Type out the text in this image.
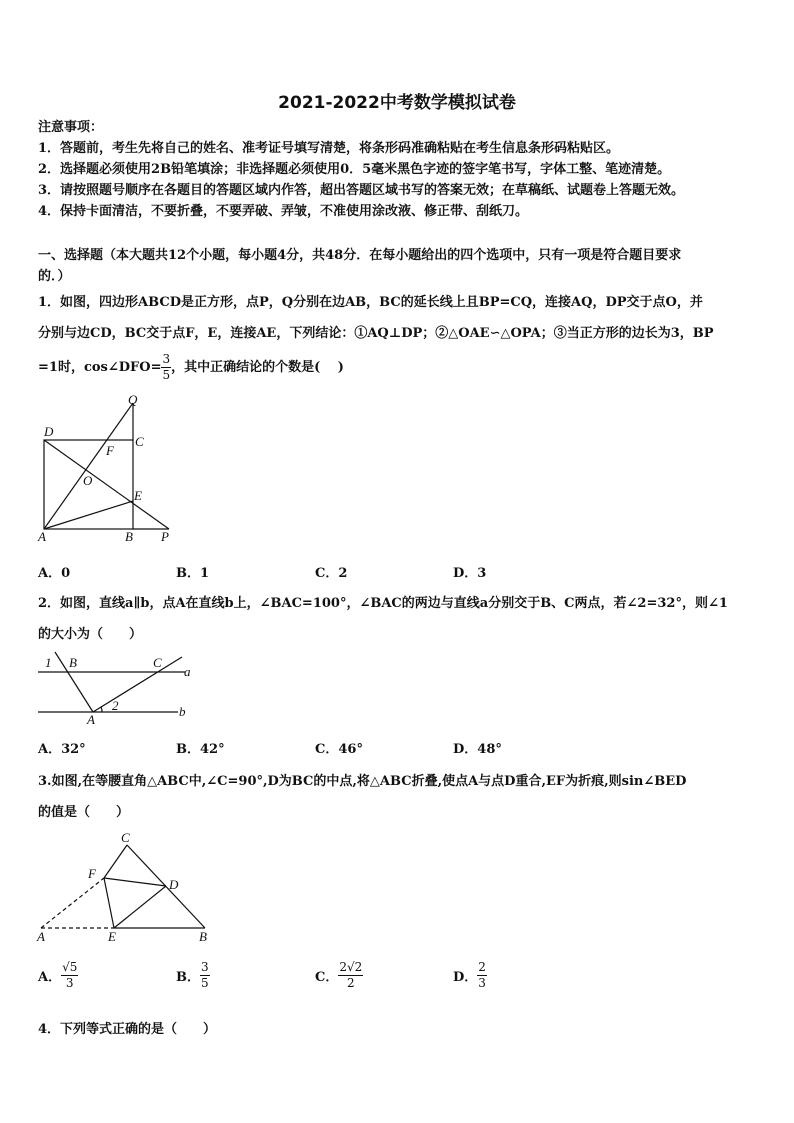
2021-2022中考数学模拟试卷
注意事项：
1．答题前，考生先将自己的姓名、准考证号填写清楚，将条形码准确粘贴在考生信息条形码粘贴区。
2．选择题必须使用2B铅笔填涂；非选择题必须使用0．5毫米黑色字迹的签字笔书写，字体工整、笔迹清楚。
3．请按照题号顺序在各题目的答题区域内作答，超出答题区域书写的答案无效；在草稿纸、试题卷上答题无效。
4．保持卡面清洁，不要折叠，不要弄破、弄皱，不准使用涂改液、修正带、刮纸刀。
一、选择题（本大题共12个小题，每小题4分，共48分．在每小题给出的四个选项中，只有一项是符合题目要求
的．）
1．如图，四边形ABCD是正方形，点P，Q分别在边AB，BC的延长线上且BP=CQ，连接AQ，DP交于点O，并
分别与边CD，BC交于点F，E，连接AE，下列结论：①AQ⊥DP；②△OAE∽△OPA；③当正方形的边长为3，BP
=1时，cos∠DFO= $\frac{3}{5}$ ，其中正确结论的个数是(　 )
Q
D
C
F
O
E
A	B P
A．0	B．1	C．2	D．3
2．如图，直线a∥b，点A在直线b上，∠BAC=100°，∠BAC的两边与直线a分别交于B、C两点，若∠2=32°，则∠1
的大小为（　　）
1 B	C
a
A
2	b
A．32°	B．42°	C．46°	D．48°
3.如图,在等腰直角△ABC中,∠C=90°,D为BC的中点,将△ABC折叠,使点A与点D重合,EF为折痕,则sin∠BED
的值是（　　）
C
F
D
A	E	B
A． $\frac{√5}{3}$	B． $\frac{3}{5}$	C． $\frac{2√2}{2}$	D． $\frac{2}{3}$
4．下列等式正确的是（　　）
